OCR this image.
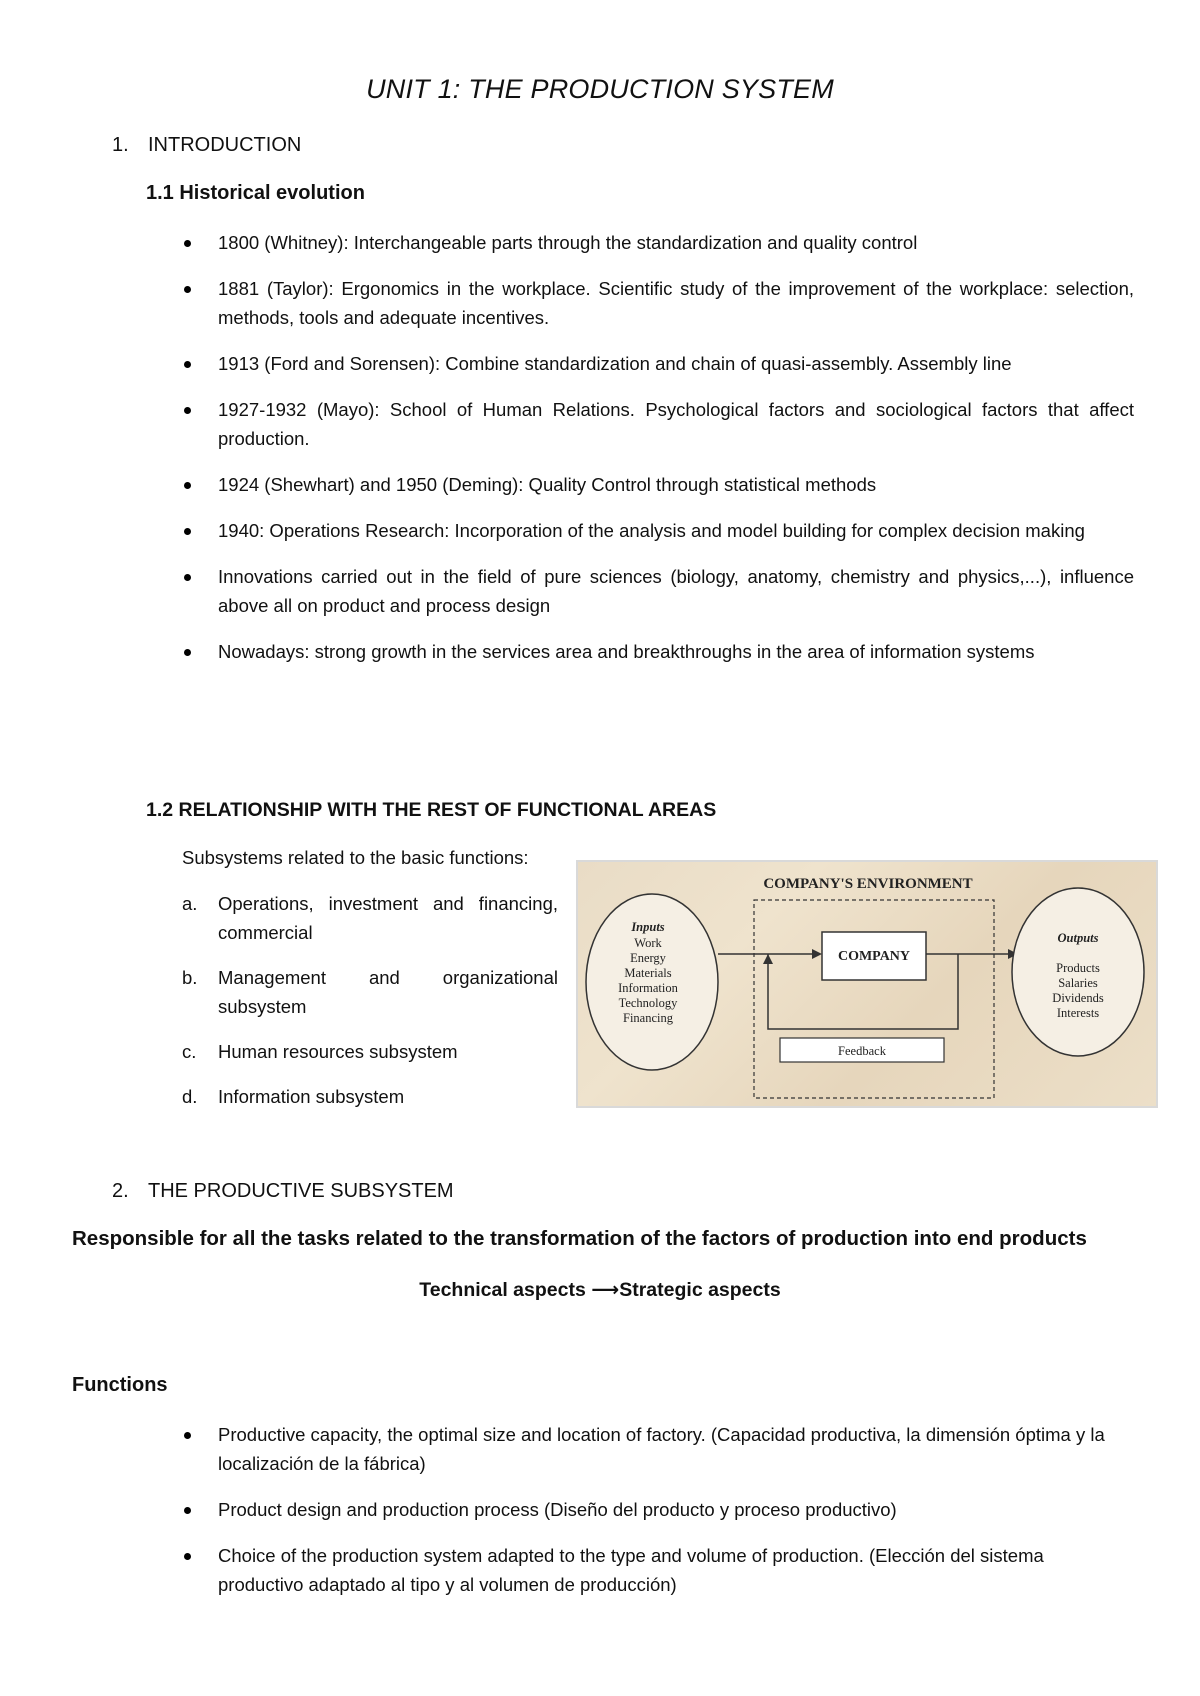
UNIT 1: THE PRODUCTION SYSTEM
1. INTRODUCTION
1.1 Historical evolution
1800 (Whitney): Interchangeable parts through the standardization and quality control
1881 (Taylor): Ergonomics in the workplace. Scientific study of the improvement of the workplace: selection, methods, tools and adequate incentives.
1913 (Ford and Sorensen): Combine standardization and chain of quasi-assembly. Assembly line
1927-1932 (Mayo): School of Human Relations. Psychological factors and sociological factors that affect production.
1924 (Shewhart) and 1950 (Deming): Quality Control through statistical methods
1940: Operations Research: Incorporation of the analysis and model building for complex decision making
Innovations carried out in the field of pure sciences (biology, anatomy, chemistry and physics,...), influence above all on product and process design
Nowadays: strong growth in the services area and breakthroughs in the area of information systems
1.2 RELATIONSHIP WITH THE REST OF FUNCTIONAL AREAS
Subsystems related to the basic functions:
a. Operations, investment and financing, commercial
b. Management and organizational subsystem
c. Human resources subsystem
d. Information subsystem
COMPANY'S ENVIRONMENT
Inputs
Work
Energy
Materials
Information
Technology
Financing
COMPANY
Feedback
Outputs
Products
Salaries
Dividends
Interests
2. THE PRODUCTIVE SUBSYSTEM
Responsible for all the tasks related to the transformation of the factors of production into end products
Technical aspects ⟶Strategic aspects
Functions
Productive capacity, the optimal size and location of factory. (Capacidad productiva, la dimensión óptima y la localización de la fábrica)
Product design and production process (Diseño del producto y proceso productivo)
Choice of the production system adapted to the type and volume of production. (Elección del sistema productivo adaptado al tipo y al volumen de producción)
